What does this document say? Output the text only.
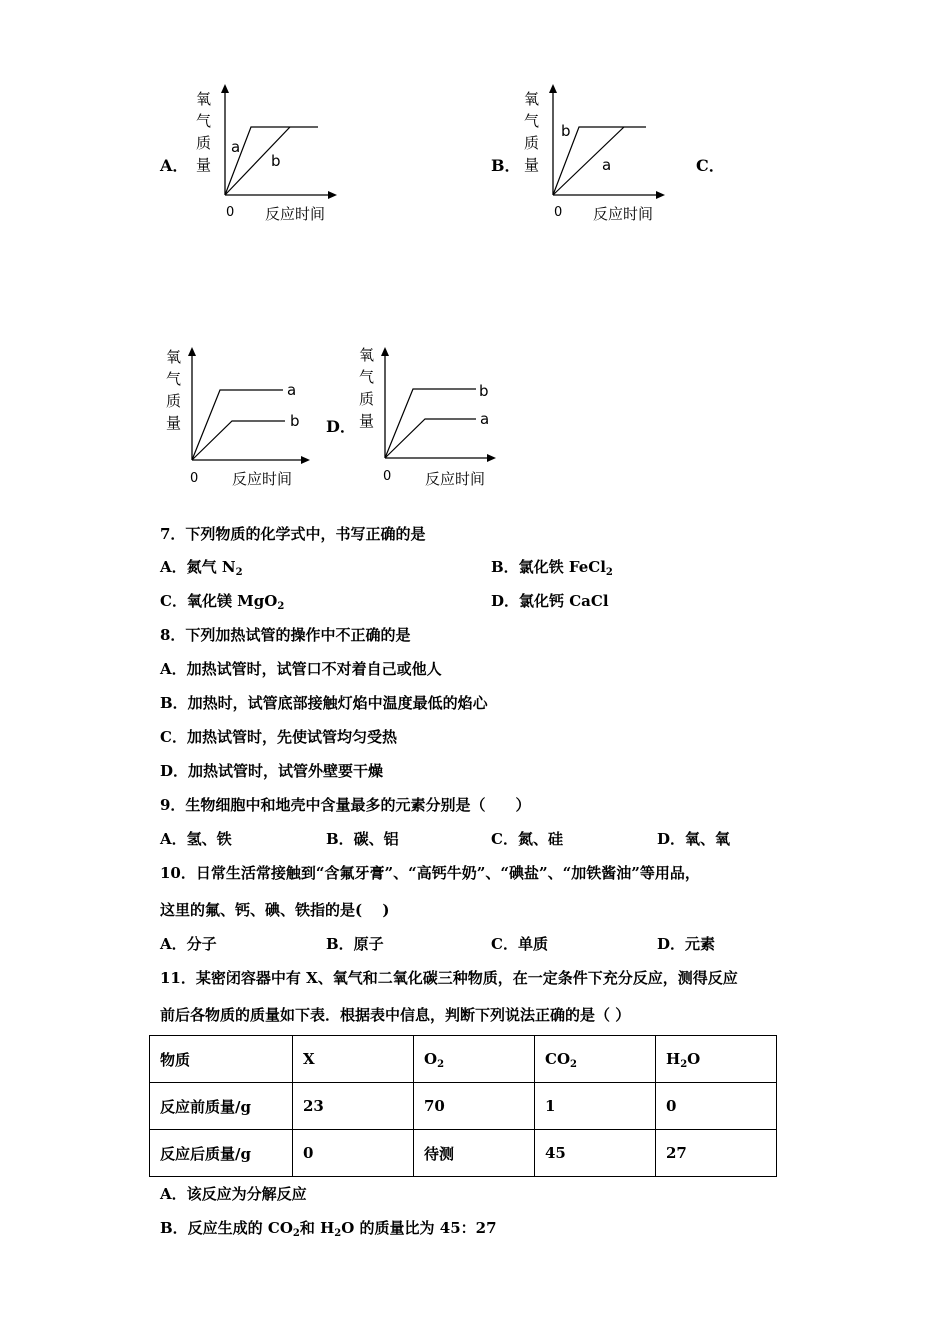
A．
氧
气
质
量
a
b
0 反应时间
B．
氧
气
质
量
b
a
0 反应时间
C．
氧
气
质
量
a
b
0 反应时间
D．
氧
气
质
量
b
a
0 反应时间
7．下列物质的化学式中，书写正确的是
A．氮气 $N_2$	B．氯化铁 FeCl$_2$
C．氧化镁 MgO$_2$	D．氯化钙 CaCl
8．下列加热试管的操作中不正确的是
A．加热试管时，试管口不对着自己或他人
B．加热时，试管底部接触灯焰中温度最低的焰心
C．加热试管时，先使试管均匀受热
D．加热试管时，试管外壁要干燥
9．生物细胞中和地壳中含量最多的元素分别是（　　）
A．氢、铁	B．碳、铝	C．氮、硅	D．氧、氧
10．日常生活常接触到“含氟牙膏”、“高钙牛奶”、“碘盐”、“加铁酱油”等用品，
这里的氟、钙、碘、铁指的是(　 )
A．分子	B．原子	C．单质	D．元素
11．某密闭容器中有 X、氧气和二氧化碳三种物质，在一定条件下充分反应，测得反应
前后各物质的质量如下表．根据表中信息，判断下列说法正确的是（ ）
物质	X	$O_2$	$CO_2$	$H_2O$
反应前质量/g	23	70	1	0
反应后质量/g	0	待测	45	27
A．该反应为分解反应
B．反应生成的 $CO_2$和 $H_2O$ 的质量比为 45：27
